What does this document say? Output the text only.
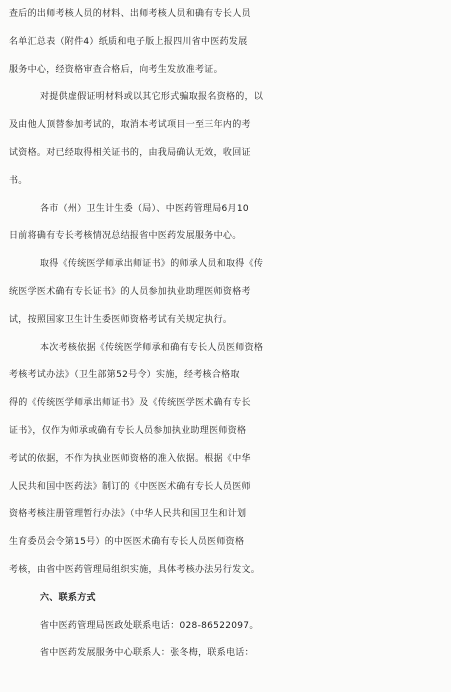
查后的出师考核人员的材料、出师考核人员和确有专长人员
名单汇总表（附件4）纸质和电子版上报四川省中医药发展
服务中心，经资格审查合格后，向考生发放准考证。
对提供虚假证明材料或以其它形式骗取报名资格的，以
及由他人顶替参加考试的，取消本考试项目一至三年内的考
试资格。对已经取得相关证书的，由我局确认无效，收回证
书。
各市（州）卫生计生委（局）、中医药管理局6月10
日前将确有专长考核情况总结报省中医药发展服务中心。
取得《传统医学师承出师证书》的师承人员和取得《传
统医学医术确有专长证书》的人员参加执业助理医师资格考
试，按照国家卫生计生委医师资格考试有关规定执行。
本次考核依据《传统医学师承和确有专长人员医师资格
考核考试办法》（卫生部第52号令）实施，经考核合格取
得的《传统医学师承出师证书》及《传统医学医术确有专长
证书》，仅作为师承或确有专长人员参加执业助理医师资格
考试的依据，不作为执业医师资格的准入依据。根据《中华
人民共和国中医药法》制订的《中医医术确有专长人员医师
资格考核注册管理暂行办法》（中华人民共和国卫生和计划
生育委员会令第15号）的中医医术确有专长人员医师资格
考核，由省中医药管理局组织实施，具体考核办法另行发文。
六、联系方式
省中医药管理局医政处联系电话：028-86522097。
省中医药发展服务中心联系人：张冬梅，联系电话：
